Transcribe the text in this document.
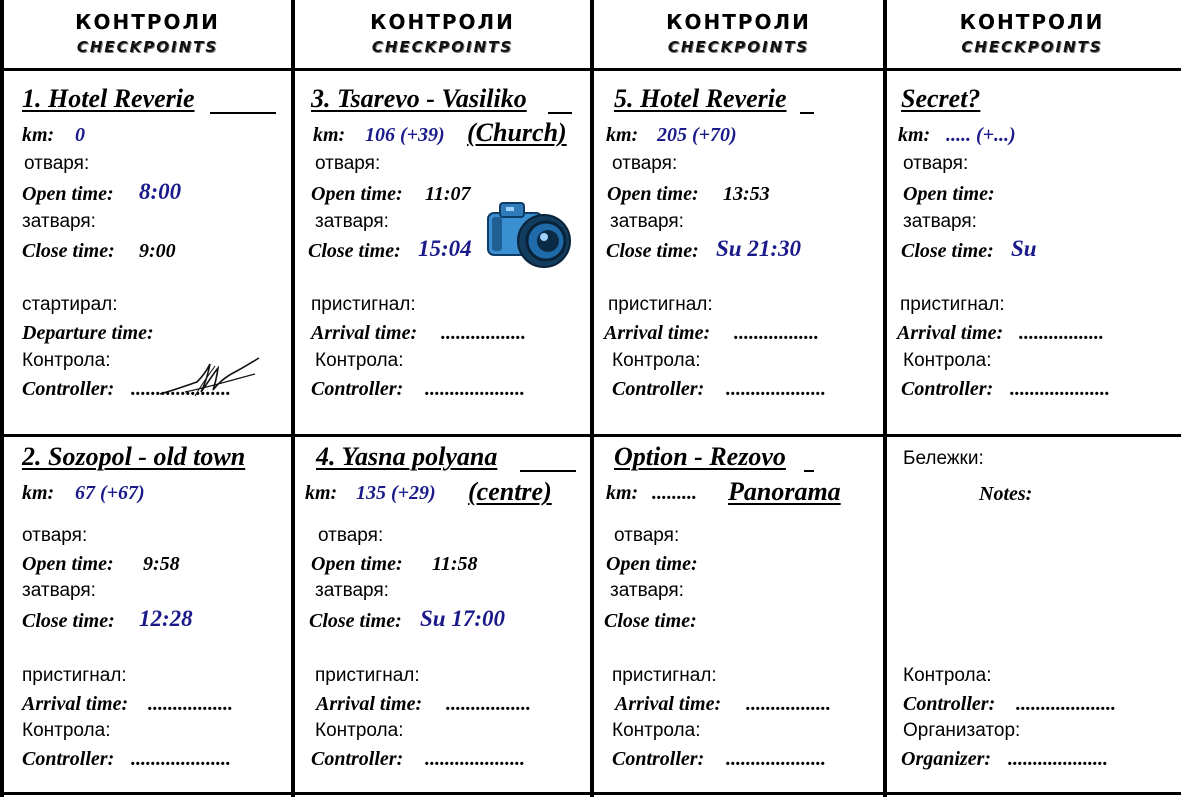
КОНТРОЛИ
CHECKPOINTS
КОНТРОЛИ
CHECKPOINTS
КОНТРОЛИ
CHECKPOINTS
КОНТРОЛИ
CHECKPOINTS
1. Hotel Reverie
km: 0
отваря:
Open time: 8:00
затваря:
Close time: 9:00
стартирал:
Departure time:
Контрола:
Controller: ....................
2. Sozopol - old town
km: 67 (+67)
отваря:
Open time: 9:58
затваря:
Close time: 12:28
пристигнал:
Arrival time: .................
Контрола:
Controller: ....................
3. Tsarevo - Vasiliko
km: 106 (+39) (Church)
отваря:
Open time: 11:07
затваря:
Close time: 15:04
пристигнал:
Arrival time: .................
Контрола:
Controller: ....................
4. Yasna polyana
km: 135 (+29) (centre)
отваря:
Open time: 11:58
затваря:
Close time: Su 17:00
пристигнал:
Arrival time: .................
Контрола:
Controller: ....................
5. Hotel Reverie
km: 205 (+70)
отваря:
Open time: 13:53
затваря:
Close time: Su 21:30
пристигнал:
Arrival time: .................
Контрола:
Controller: ....................
Option - Rezovo
km: ......... Panorama
отваря:
Open time:
затваря:
Close time:
пристигнал:
Arrival time: .................
Контрола:
Controller: ....................
Secret?
km: ..... (+...)
отваря:
Open time:
затваря:
Close time: Su
пристигнал:
Arrival time: .................
Контрола:
Controller: ....................
Бележки:
Notes:
Контрола:
Controller: ....................
Организатор:
Organizer: ....................
